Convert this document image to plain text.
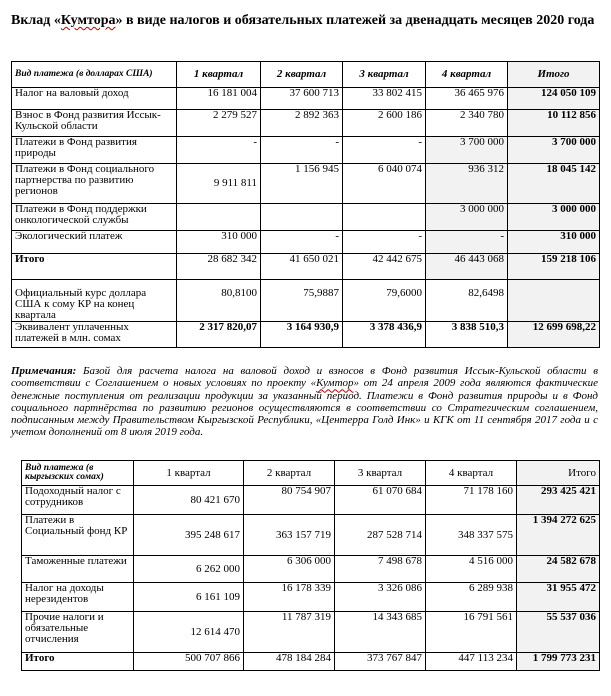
Вклад «Кумтора» в виде налогов и обязательных платежей за двенадцать месяцев 2020 года
Вид платежа (в долларах США)	1 квартал	2 квартал	3 квартал	4 квартал	Итого
Налог на валовый доход	16 181 004	37 600 713	33 802 415	36 465 976	124 050 109
Взнос в Фонд развития Иссык-Кульской области	2 279 527	2 892 363	2 600 186	2 340 780	10 112 856
Платежи в Фонд развития природы	-	-	-	3 700 000	3 700 000
Платежи в Фонд социального партнерства по развитию регионов	9 911 811	1 156 945	6 040 074	936 312	18 045 142
Платежи в Фонд поддержки онкологической службы				3 000 000	3 000 000
Экологический платеж	310 000	-	-	-	310 000
Итого	28 682 342	41 650 021	42 442 675	46 443 068	159 218 106
Официальный курс доллара США к сому КР на конец квартала	80,8100	75,9887	79,6000	82,6498	
Эквивалент уплаченных платежей в млн. сомах	2 317 820,07	3 164 930,9	3 378 436,9	3 838 510,3	12 699 698,22
Примечания: Базой для расчета налога на валовой доход и взносов в Фонд развития Иссык-Кульской области в соответствии с Соглашением о новых условиях по проекту «Кумтор» от 24 апреля 2009 года являются фактические денежные поступления от реализации продукции за указанный период. Платежи в Фонд развития природы и в Фонд социального партнёрства по развитию регионов осуществляются в соответствии со Стратегическим соглашением, подписанным между Правительством Кыргызской Республики, «Центерра Голд Инк» и КГК от 11 сентября 2017 года и с учетом дополнений от 8 июля 2019 года.
Вид платежа (в кыргызских сомах)	1 квартал	2 квартал	3 квартал	4 квартал	Итого
Подоходный налог с сотрудников	80 421 670	80 754 907	61 070 684	71 178 160	293 425 421
Платежи в Социальный фонд КР	395 248 617	363 157 719	287 528 714	348 337 575	1 394 272 625
Таможенные платежи	6 262 000	6 306 000	7 498 678	4 516 000	24 582 678
Налог на доходы нерезидентов	6 161 109	16 178 339	3 326 086	6 289 938	31 955 472
Прочие налоги и обязательные отчисления	12 614 470	11 787 319	14 343 685	16 791 561	55 537 036
Итого	500 707 866	478 184 284	373 767 847	447 113 234	1 799 773 231
